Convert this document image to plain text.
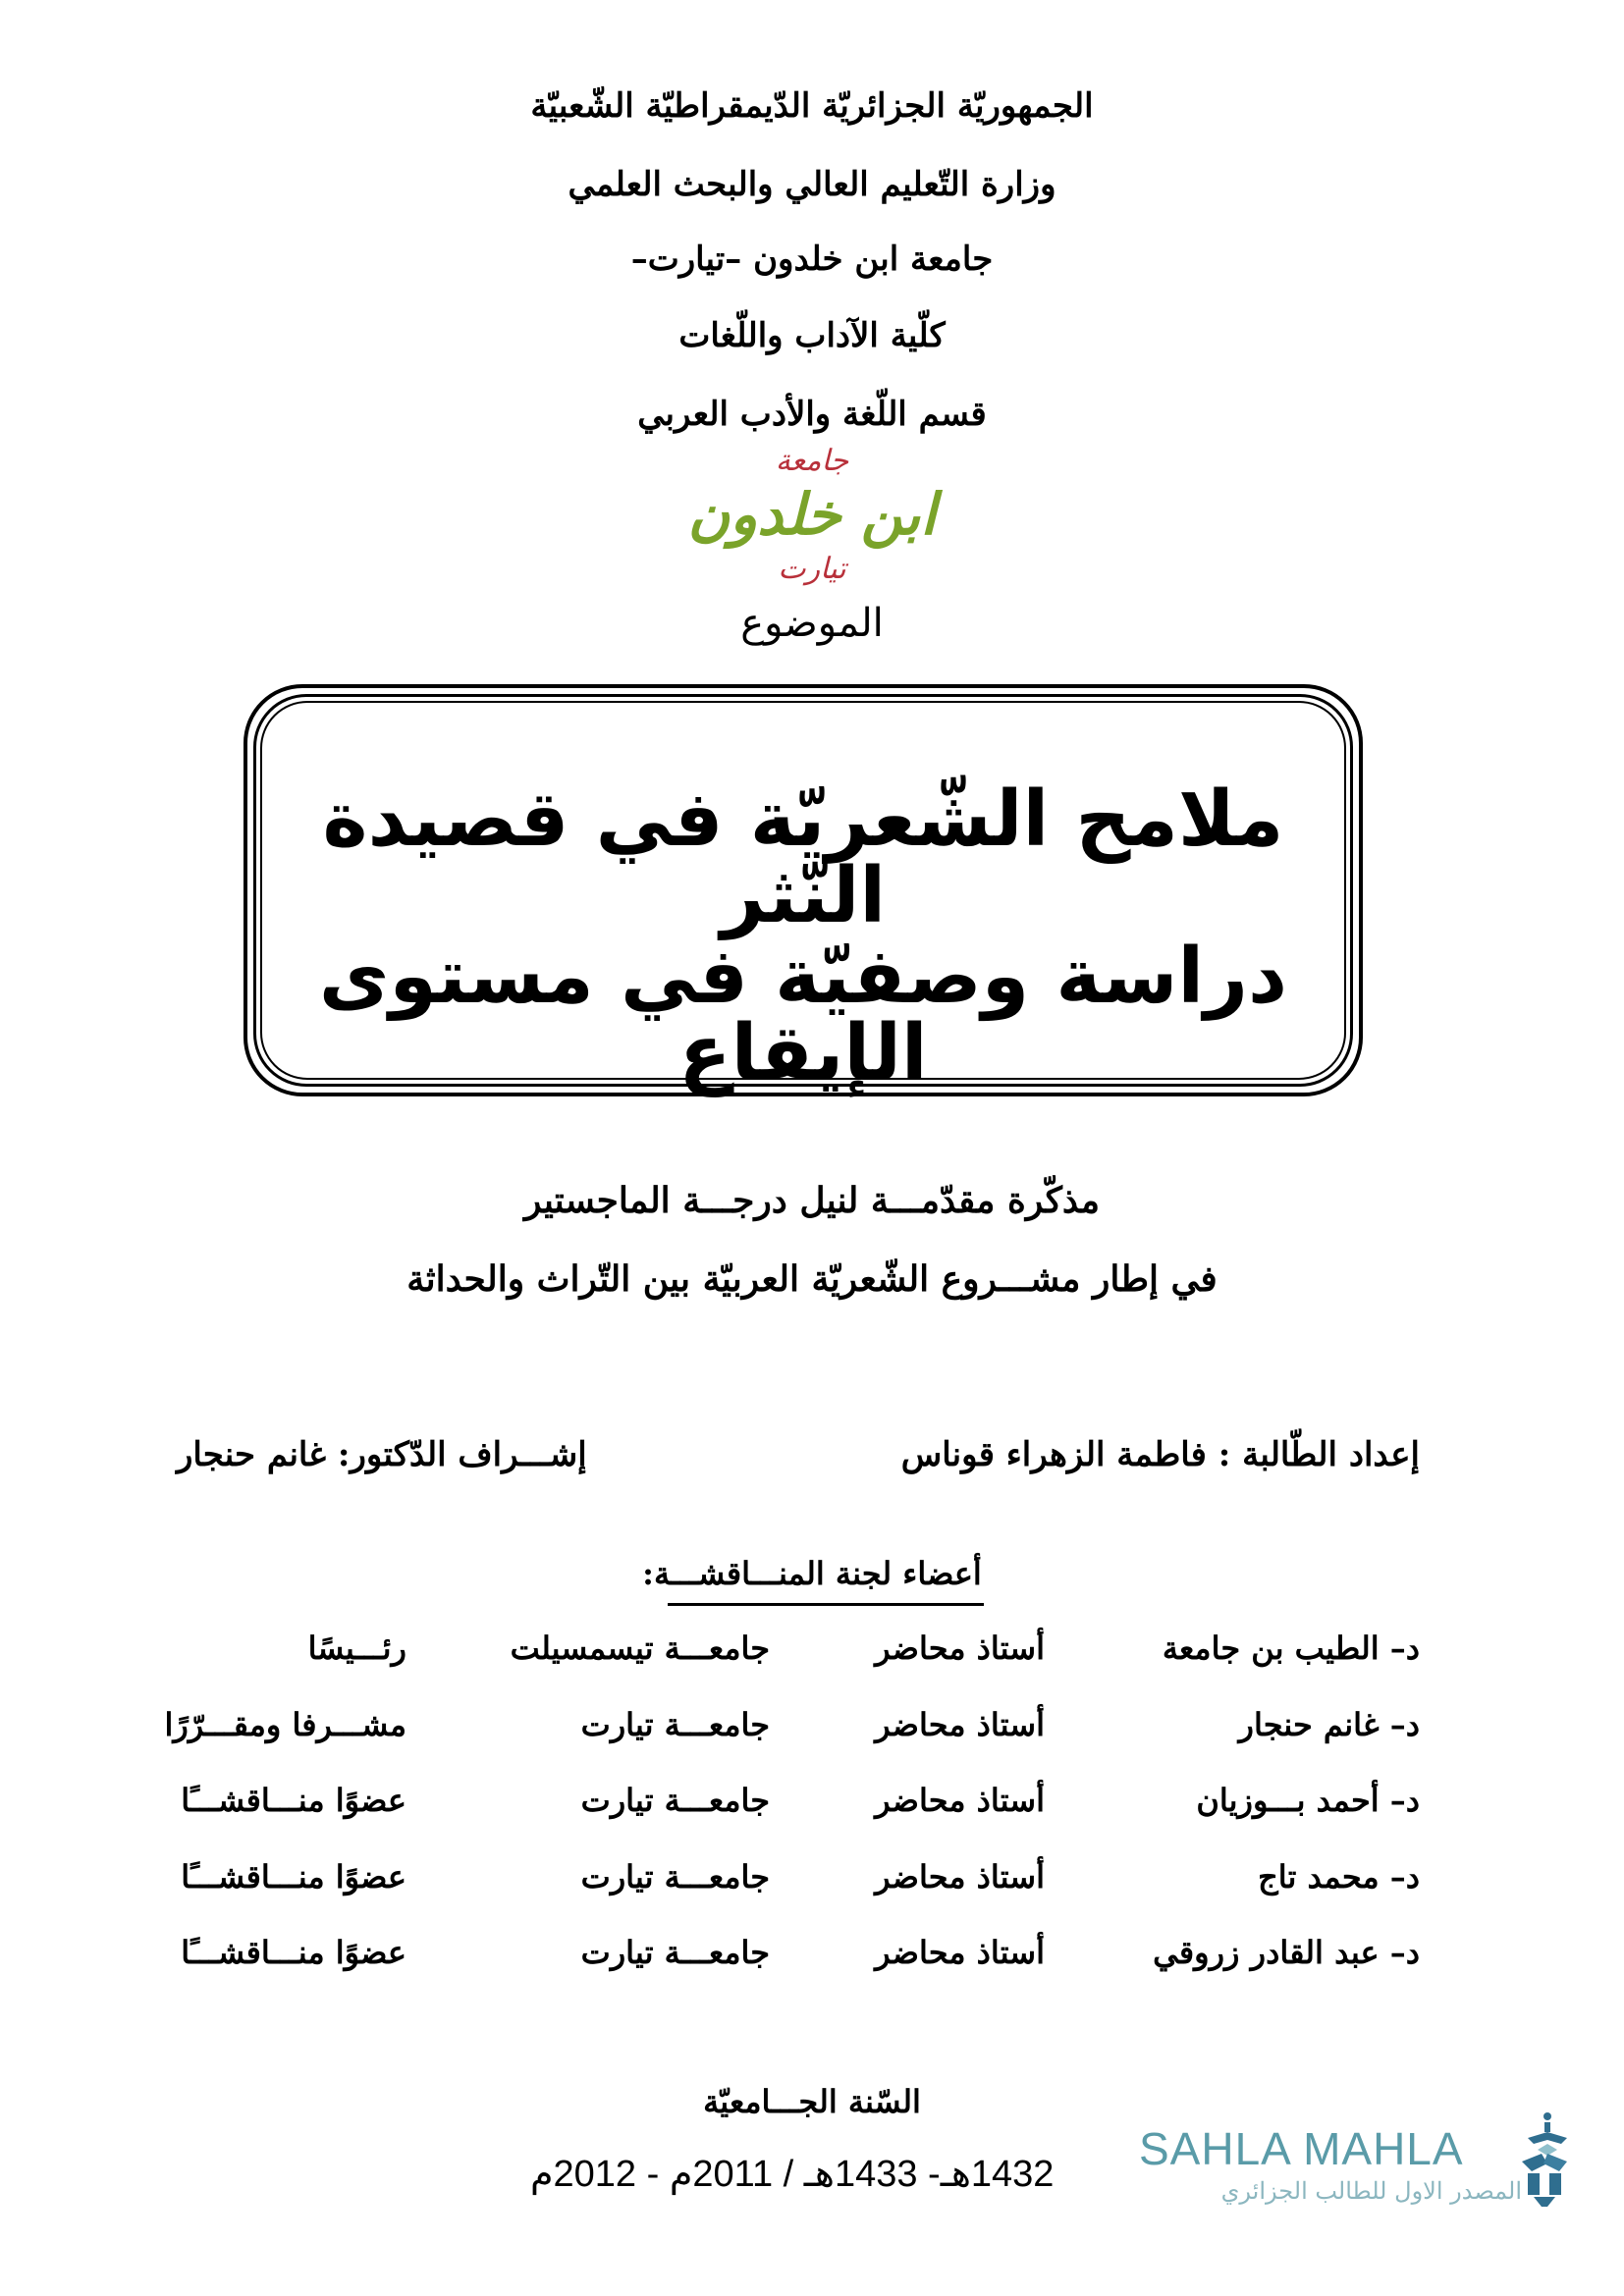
الجمهوريّة الجزائريّة الدّيمقراطيّة الشّعبيّة
وزارة التّعليم العالي والبحث العلمي
جامعة ابن خلدون –تيارت–
كلّية الآداب واللّغات
قسم اللّغة والأدب العربي
جامعة
ابن خلدون
تيارت
الموضوع
ملامح الشّعريّة في قصيدة النّثر
دراسة وصفيّة في مستوى الإيقاع
مذكّرة مقدّمـــة لنيل درجـــة الماجستير
في إطار مشـــروع الشّعريّة العربيّة بين التّراث والحداثة
إعداد الطّالبة : فاطمة الزهراء قوناس
إشـــراف الدّكتور: غانم حنجار
أعضاء لجنة المنـــاقشـــة:
د– الطيب بن جامعة
أستاذ محاضر
جامعـــة تيسمسيلت
رئـــيسًا
د– غانم حنجار
أستاذ محاضر
جامعـــة تيارت
مشـــرفا ومقـــرّرًا
د– أحمد بـــوزيان
أستاذ محاضر
جامعـــة تيارت
عضوًا منـــاقشـــًا
د– محمد تاج
أستاذ محاضر
جامعـــة تيارت
عضوًا منـــاقشـــًا
د– عبد القادر زروقي
أستاذ محاضر
جامعـــة تيارت
عضوًا منـــاقشـــًا
السّنة الجـــامعيّة
1432هـ- 1433هـ / 2011م - 2012م SAHLA MAHLA
المصدر الاول للطالب الجزائري
